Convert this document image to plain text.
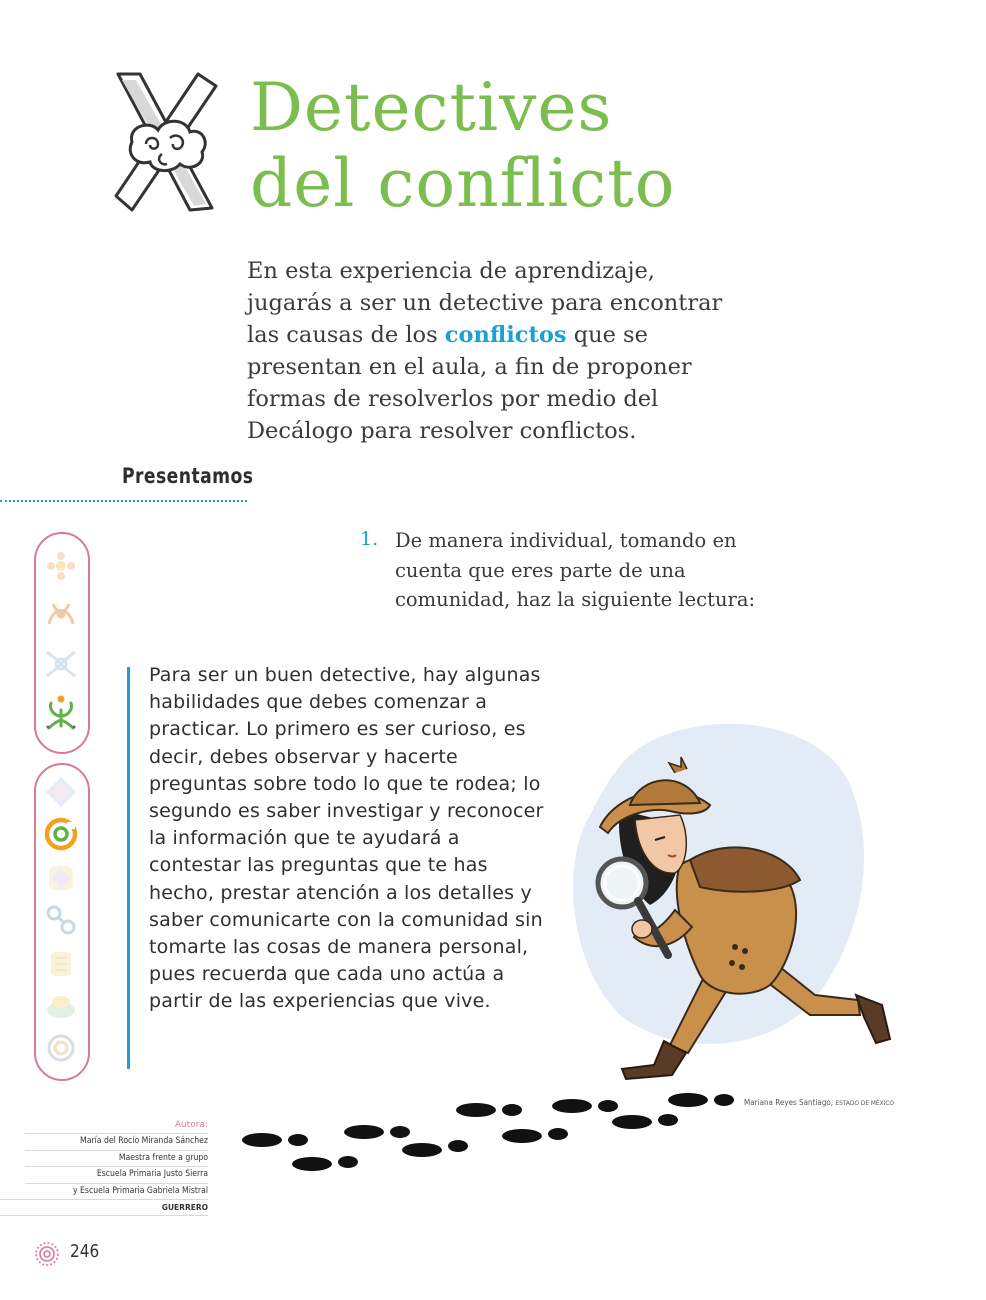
Detectives
del conflicto

En esta experiencia de aprendizaje, jugarás a ser un detective para encontrar las causas de los conflictos que se presentan en el aula, a fin de proponer formas de resolverlos por medio del Decálogo para resolver conflictos.

Presentamos
1. De manera individual, tomando en cuenta que eres parte de una comunidad, haz la siguiente lectura:

Para ser un buen detective, hay algunas habilidades que debes comenzar a practicar. Lo primero es ser curioso, es decir, debes observar y hacerte preguntas sobre todo lo que te rodea; lo segundo es saber investigar y reconocer la información que te ayudará a contestar las preguntas que te has hecho, prestar atención a los detalles y saber comunicarte con la comunidad sin tomarte las cosas de manera personal, pues recuerda que cada uno actúa a partir de las experiencias que vive.

Mariana Reyes Santiago, ESTADO DE MÉXICO
Autora:
María del Rocío Miranda Sánchez
Maestra frente a grupo
Escuela Primaria Justo Sierra
y Escuela Primaria Gabriela Mistral
GUERRERO
246
